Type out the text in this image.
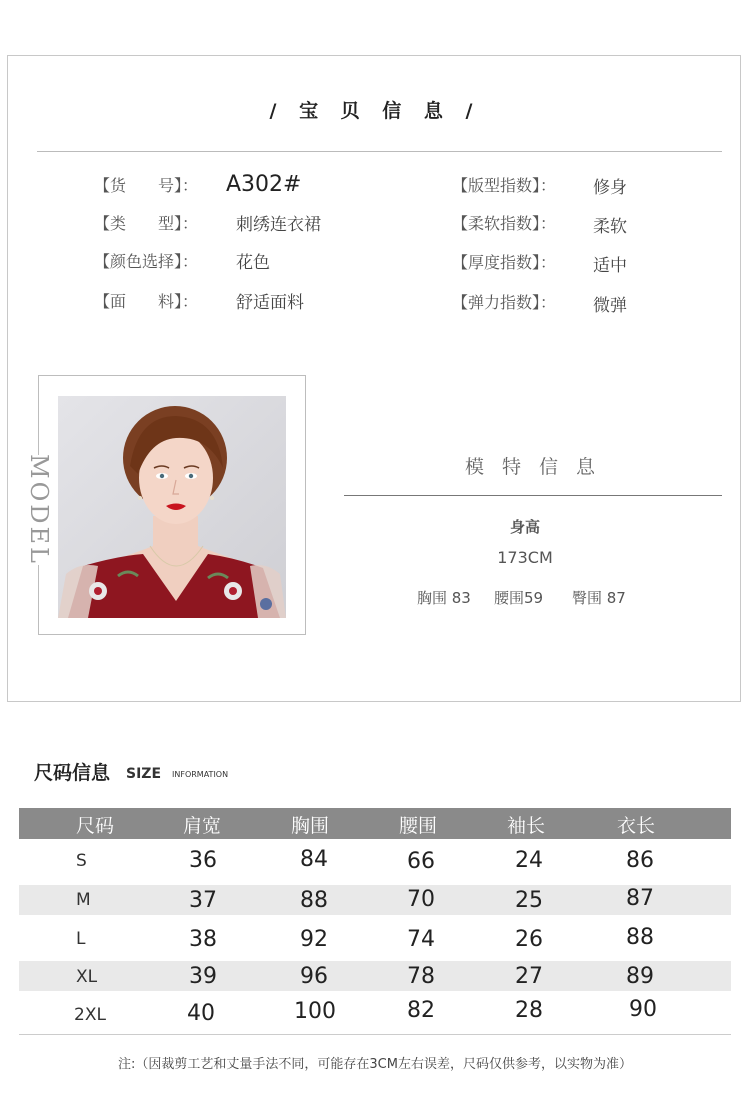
/ 宝 贝 信 息 /
【货　　号】： A302#
【类　　型】： 刺绣连衣裙
【颜色选择】： 花色
【面　　料】： 舒适面料
【版型指数】： 修身
【柔软指数】： 柔软
【厚度指数】： 适中
【弹力指数】： 微弹
MODEL	模 特 信 息
身高
173CM
胸围 83 腰围59 臀围 87
尺码信息 SIZE INFORMATION
尺码	肩宽	胸围	腰围	袖长	衣长
S	36	84	66	24	86
M	37	88	70	25	87
L	38	92	74	26	88
XL	39	96	78	27	89
2XL	40	100	82	28	90
注:（因裁剪工艺和丈量手法不同，可能存在3CM左右误差，尺码仅供参考，以实物为准）
